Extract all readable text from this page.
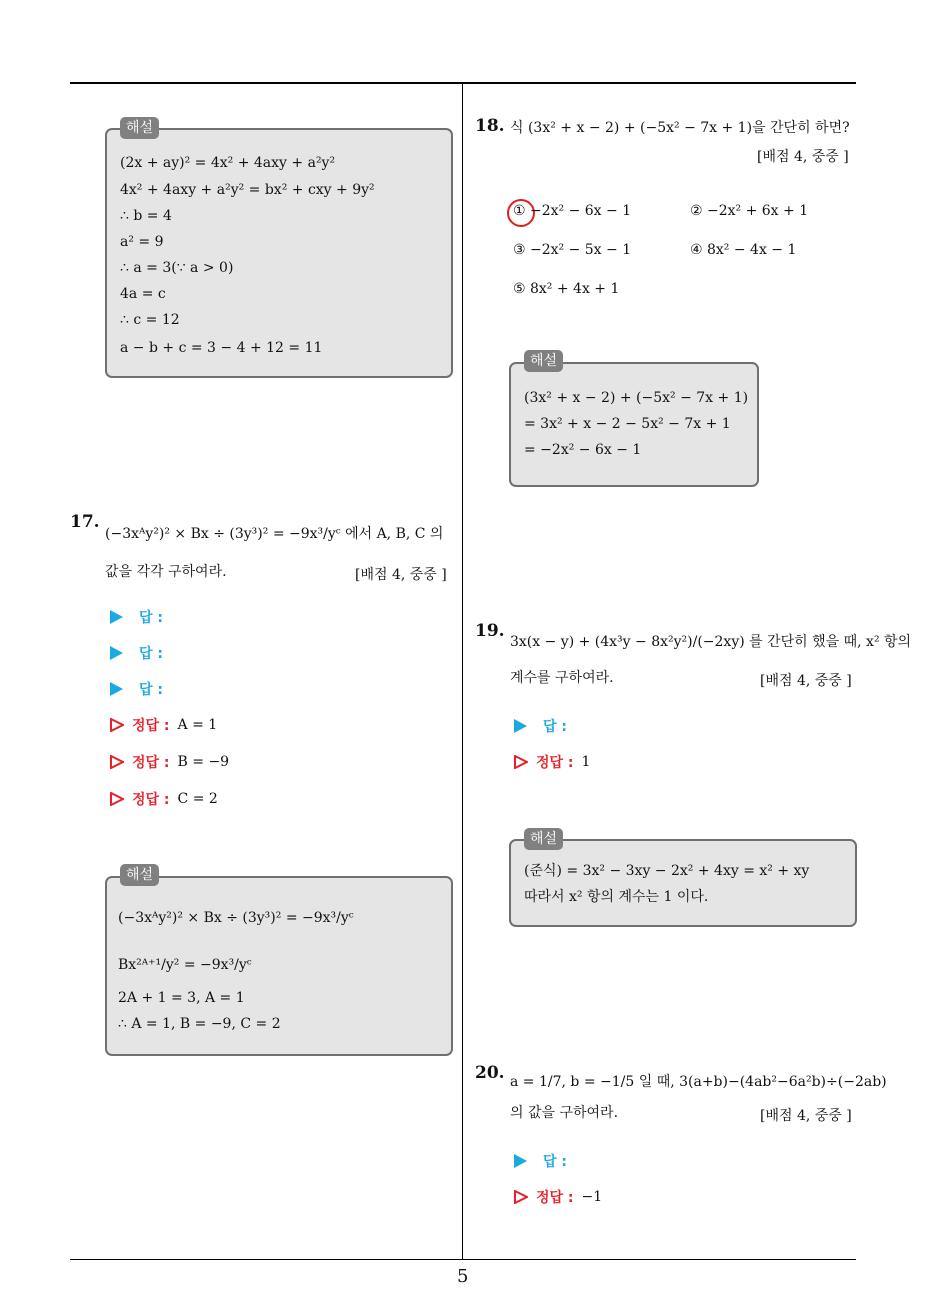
5
해설
(2x + ay)² = 4x² + 4axy + a²y²
4x² + 4axy + a²y² = bx² + cxy + 9y²
∴ b = 4
a² = 9
∴ a = 3(∵ a > 0)
4a = c
∴ c = 12
a − b + c = 3 − 4 + 12 = 11
17.
(−3xᴬy²)² × Bx ÷ (3y³)² = −9x³/yᶜ 에서 A, B, C 의
값을 각각 구하여라.	[배점 4, 중중 ]
답 :
답 :
답 :
정답 : A = 1
정답 : B = −9
정답 : C = 2
해설
(−3xᴬy²)² × Bx ÷ (3y³)² = −9x³/yᶜ
Bx²ᴬ⁺¹/y² = −9x³/yᶜ
2A + 1 = 3, A = 1
∴ A = 1, B = −9, C = 2
18. 식 (3x² + x − 2) + (−5x² − 7x + 1)을 간단히 하면?
[배점 4, 중중 ]
① −2x² − 6x − 1	② −2x² + 6x + 1
③ −2x² − 5x − 1	④ 8x² − 4x − 1
⑤ 8x² + 4x + 1
해설
(3x² + x − 2) + (−5x² − 7x + 1)
= 3x² + x − 2 − 5x² − 7x + 1
= −2x² − 6x − 1
19.
3x(x − y) + (4x³y − 8x²y²)/(−2xy) 를 간단히 했을 때, x² 항의
계수를 구하여라.	[배점 4, 중중 ]
답 :
정답 : 1
해설
(준식) = 3x² − 3xy − 2x² + 4xy = x² + xy
따라서 x² 항의 계수는 1 이다.
20. a = 1/7, b = −1/5 일 때, 3(a+b)−(4ab²−6a²b)÷(−2ab)
의 값을 구하여라.	[배점 4, 중중 ]
답 :
정답 : −1
